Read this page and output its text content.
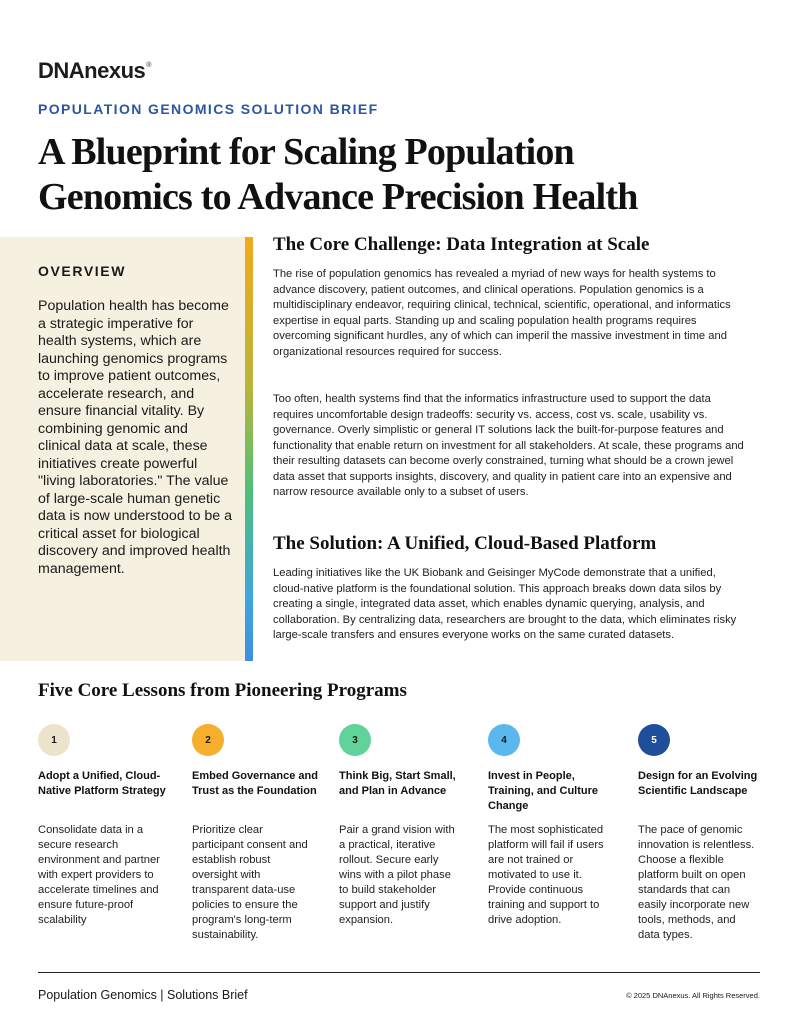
DNAnexus®
POPULATION GENOMICS SOLUTION BRIEF
A Blueprint for Scaling Population
Genomics to Advance Precision Health
OVERVIEW

Population health has become a strategic imperative for health systems, which are launching genomics programs to improve patient outcomes, accelerate research, and ensure financial vitality. By combining genomic and clinical data at scale, these initiatives create powerful "living laboratories." The value of large-scale human genetic data is now understood to be a critical asset for biological discovery and improved health management.

The Core Challenge: Data Integration at Scale

The rise of population genomics has revealed a myriad of new ways for health systems to advance discovery, patient outcomes, and clinical operations. Population genomics is a multidisciplinary endeavor, requiring clinical, technical, scientific, operational, and informatics expertise in equal parts. Standing up and scaling population health programs requires overcoming significant hurdles, any of which can imperil the massive investment in time and organizational resources required for success.

Too often, health systems find that the informatics infrastructure used to support the data requires uncomfortable design tradeoffs: security vs. access, cost vs. scale, usability vs. governance. Overly simplistic or general IT solutions lack the built-for-purpose features and functionality that enable return on investment for all stakeholders. At scale, these programs and their resulting datasets can become overly constrained, turning what should be a crown jewel data asset that supports insights, discovery, and quality in patient care into an expensive and narrow resource available only to a subset of users.

The Solution: A Unified, Cloud-Based Platform

Leading initiatives like the UK Biobank and Geisinger MyCode demonstrate that a unified, cloud-native platform is the foundational solution. This approach breaks down data silos by creating a single, integrated data asset, which enables dynamic querying, analysis, and collaboration. By centralizing data, researchers are brought to the data, which eliminates risky large-scale transfers and ensures everyone works on the same curated datasets.

Five Core Lessons from Pioneering Programs
1
Adopt a Unified, Cloud-Native Platform Strategy
Consolidate data in a secure research environment and partner with expert providers to accelerate timelines and ensure future-proof scalability
2
Embed Governance and Trust as the Foundation
Prioritize clear participant consent and establish robust oversight with transparent data-use policies to ensure the program's long-term sustainability.
3
Think Big, Start Small, and Plan in Advance
Pair a grand vision with a practical, iterative rollout. Secure early wins with a pilot phase to build stakeholder support and justify expansion.
4
Invest in People, Training, and Culture Change
The most sophisticated platform will fail if users are not trained or motivated to use it. Provide continuous training and support to drive adoption.
5
Design for an Evolving Scientific Landscape
The pace of genomic innovation is relentless. Choose a flexible platform built on open standards that can easily incorporate new tools, methods, and data types.
Population Genomics | Solutions Brief	© 2025 DNAnexus. All Rights Reserved.
